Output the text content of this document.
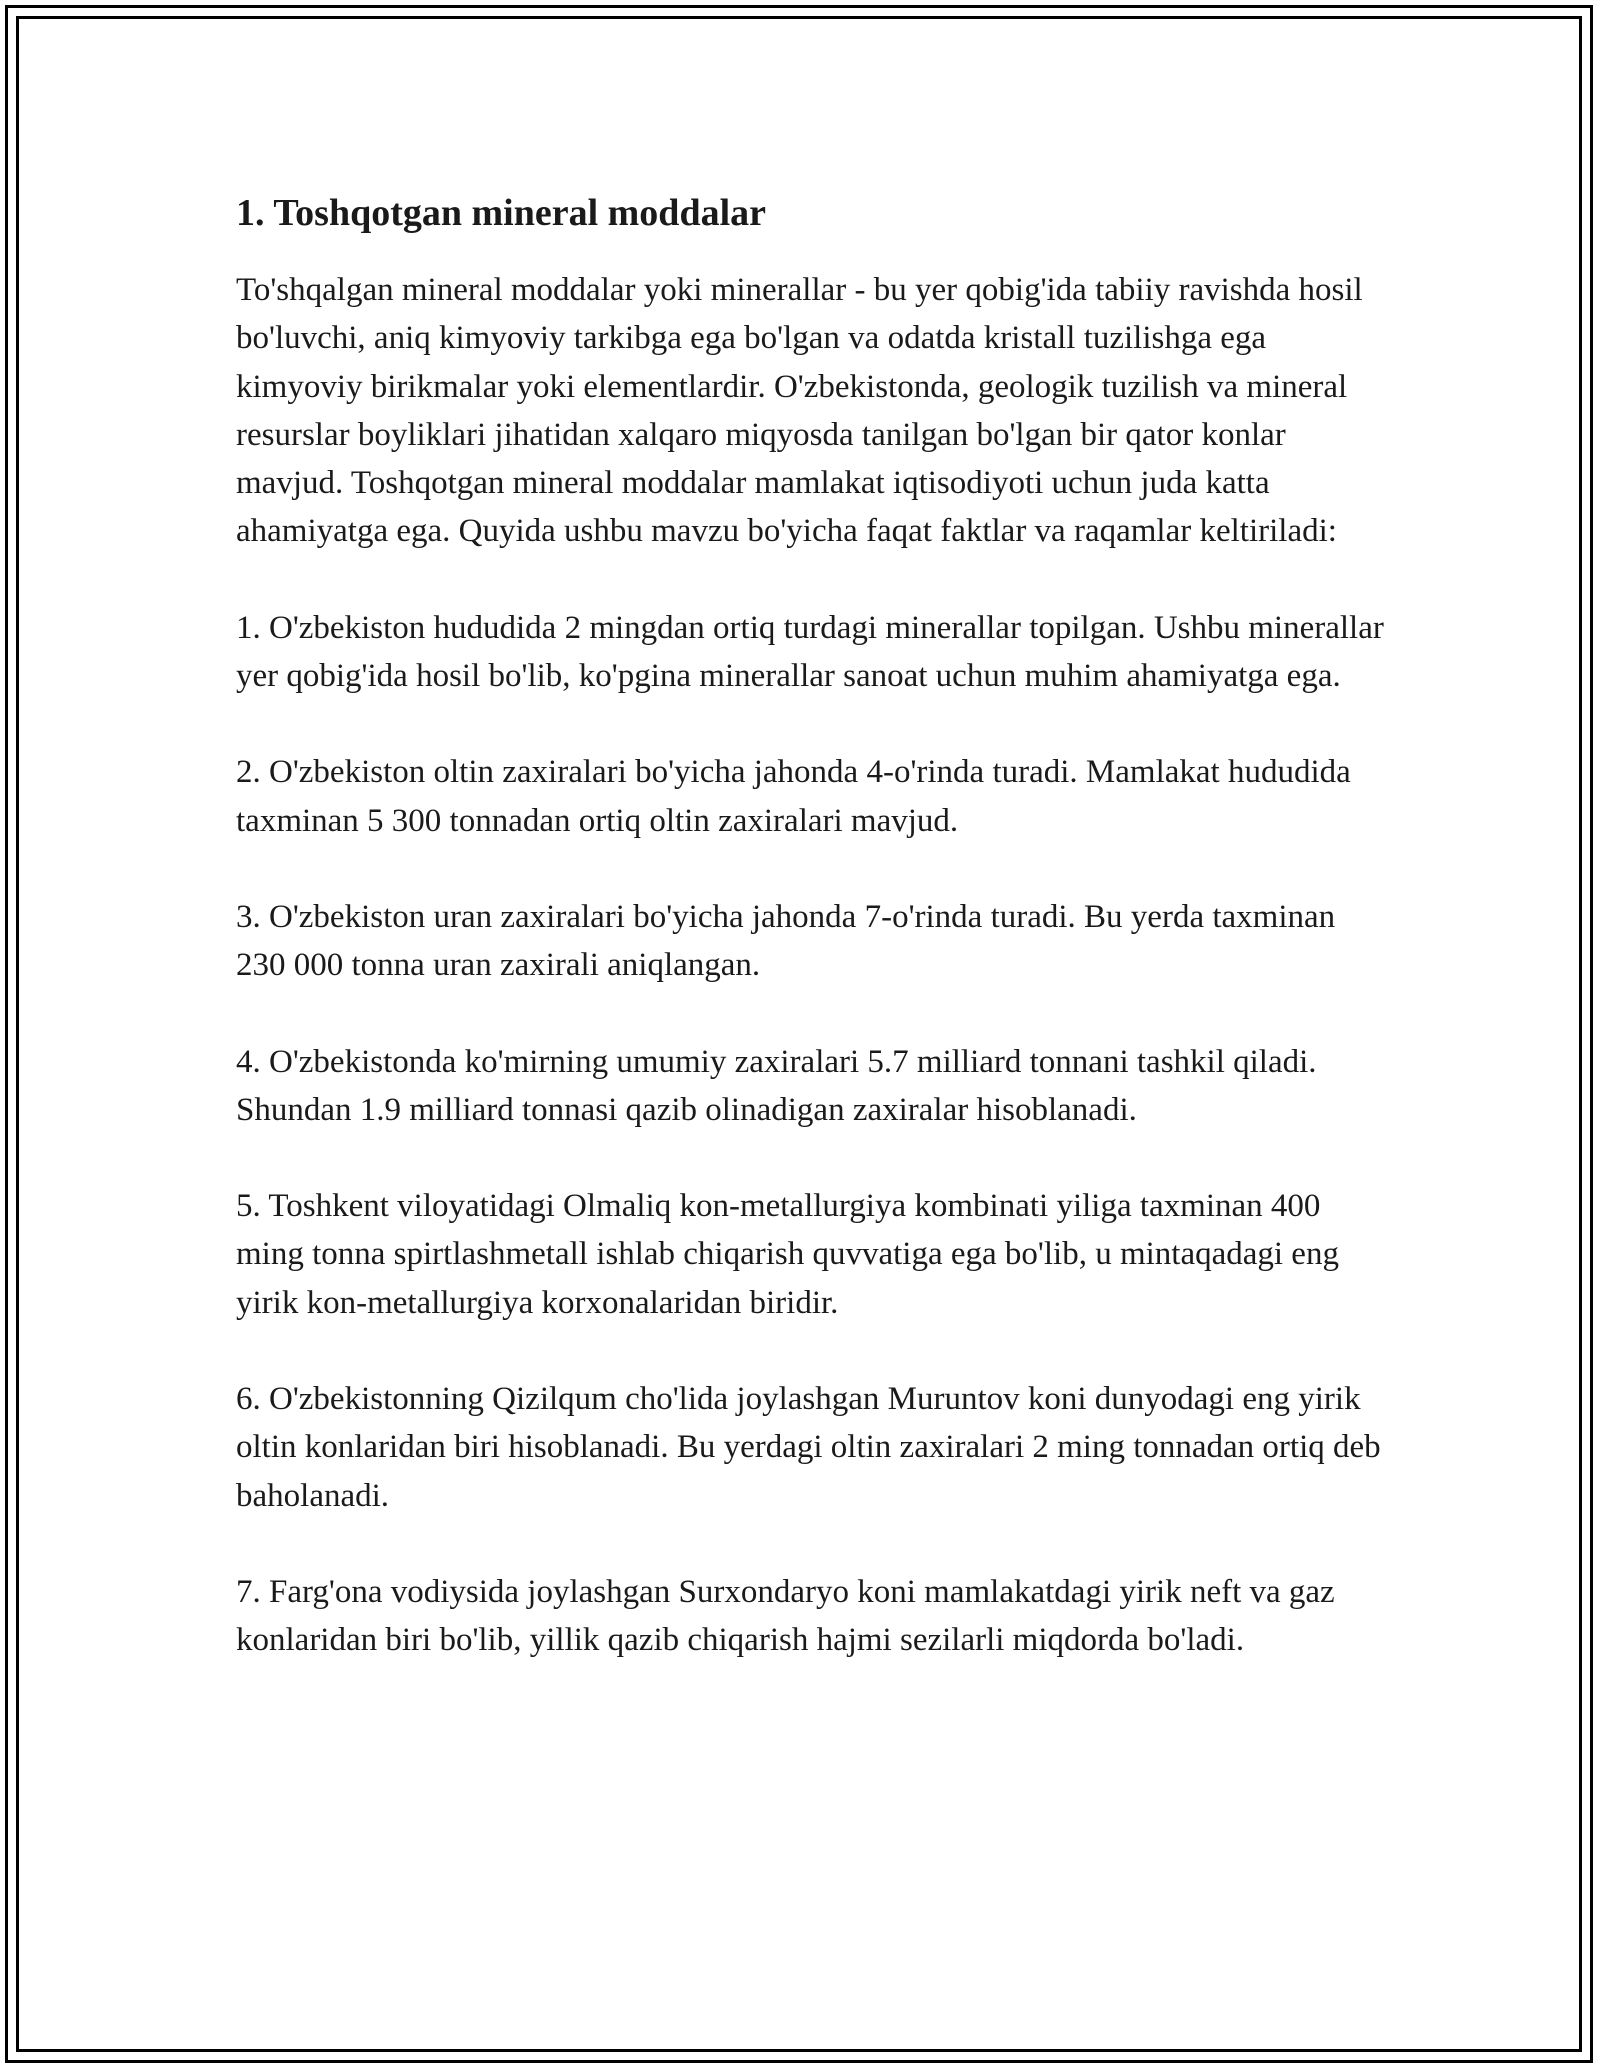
1. Toshqotgan mineral moddalar

To'shqalgan mineral moddalar yoki minerallar - bu yer qobig'ida tabiiy ravishda hosil bo'luvchi, aniq kimyoviy tarkibga ega bo'lgan va odatda kristall tuzilishga ega kimyoviy birikmalar yoki elementlardir. O'zbekistonda, geologik tuzilish va mineral resurslar boyliklari jihatidan xalqaro miqyosda tanilgan bo'lgan bir qator konlar mavjud. Toshqotgan mineral moddalar mamlakat iqtisodiyoti uchun juda katta ahamiyatga ega. Quyida ushbu mavzu bo'yicha faqat faktlar va raqamlar keltiriladi:

1. O'zbekiston hududida 2 mingdan ortiq turdagi minerallar topilgan. Ushbu minerallar yer qobig'ida hosil bo'lib, ko'pgina minerallar sanoat uchun muhim ahamiyatga ega.

2. O'zbekiston oltin zaxiralari bo'yicha jahonda 4-o'rinda turadi. Mamlakat hududida taxminan 5 300 tonnadan ortiq oltin zaxiralari mavjud.

3. O'zbekiston uran zaxiralari bo'yicha jahonda 7-o'rinda turadi. Bu yerda taxminan 230 000 tonna uran zaxirali aniqlangan.

4. O'zbekistonda ko'mirning umumiy zaxiralari 5.7 milliard tonnani tashkil qiladi. Shundan 1.9 milliard tonnasi qazib olinadigan zaxiralar hisoblanadi.

5. Toshkent viloyatidagi Olmaliq kon-metallurgiya kombinati yiliga taxminan 400 ming tonna spirtlashmetall ishlab chiqarish quvvatiga ega bo'lib, u mintaqadagi eng yirik kon-metallurgiya korxonalaridan biridir.

6. O'zbekistonning Qizilqum cho'lida joylashgan Muruntov koni dunyodagi eng yirik oltin konlaridan biri hisoblanadi. Bu yerdagi oltin zaxiralari 2 ming tonnadan ortiq deb baholanadi.

7. Farg'ona vodiysida joylashgan Surxondaryo koni mamlakatdagi yirik neft va gaz konlaridan biri bo'lib, yillik qazib chiqarish hajmi sezilarli miqdorda bo'ladi.
